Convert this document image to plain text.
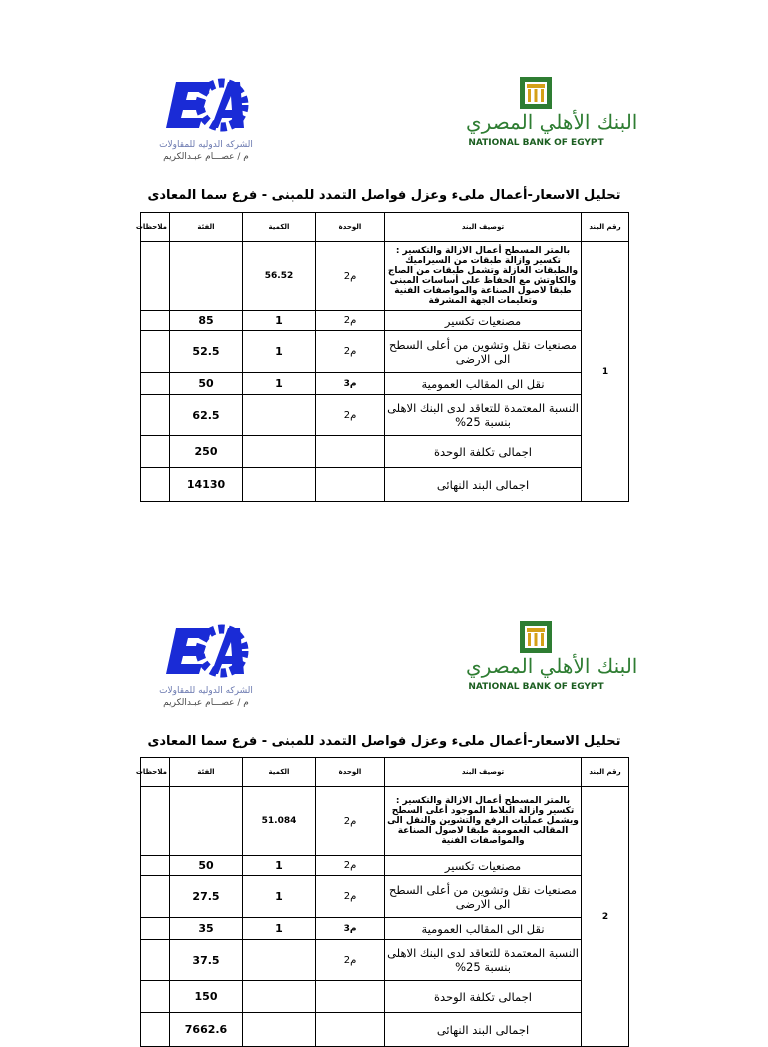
الشركه الدوليه للمقاولات
م / عصـــام عبـدالكريم
البنك الأهلي المصري
NATIONAL BANK OF EGYPT
تحليل الاسعار-أعمال ملىء وعزل فواصل التمدد للمبنى - فرع سما المعادى
رقم البند	توصيف البند	الوحدة	الكمية	الفئة	ملاحظات
1	بالمتر المسطح أعمال الازالة والتكسير : تكسير وازالة طبقات من السيراميك والطبقات العازلة وتشمل طبقات من الصاج والكاوتش مع الحفاظ على أساسات المبنى طبقا لاصول الصناعة والمواصفات الفنية وتعليمات الجهة المشرفة	م2	56.52		
	مصنعيات تكسير	م2	1	85	
	مصنعيات نقل وتشوين من أعلى السطح الى الارضى	م2	1	52.5	
	نقل الى المقالب العمومية	م3	1	50	
	النسبة المعتمدة للتعاقد لدى البنك الاهلى بنسبة 25%	م2		62.5	
	اجمالى تكلفة الوحدة			250	
	اجمالى البند النهائى			14130	
الشركه الدوليه للمقاولات
م / عصـــام عبـدالكريم
البنك الأهلي المصري
NATIONAL BANK OF EGYPT
تحليل الاسعار-أعمال ملىء وعزل فواصل التمدد للمبنى - فرع سما المعادى
رقم البند	توصيف البند	الوحدة	الكمية	الفئة	ملاحظات
2	بالمتر المسطح أعمال الازالة والتكسير : تكسير وازالة البلاط الموجود أعلى السطح ويشمل عمليات الرفع والتشوين والنقل الى المقالب العمومية طبقا لاصول الصناعة والمواصفات الفنية	م2	51.084		
	مصنعيات تكسير	م2	1	50	
	مصنعيات نقل وتشوين من أعلى السطح الى الارضى	م2	1	27.5	
	نقل الى المقالب العمومية	م3	1	35	
	النسبة المعتمدة للتعاقد لدى البنك الاهلى بنسبة 25%	م2		37.5	
	اجمالى تكلفة الوحدة			150	
	اجمالى البند النهائى			7662.6	
